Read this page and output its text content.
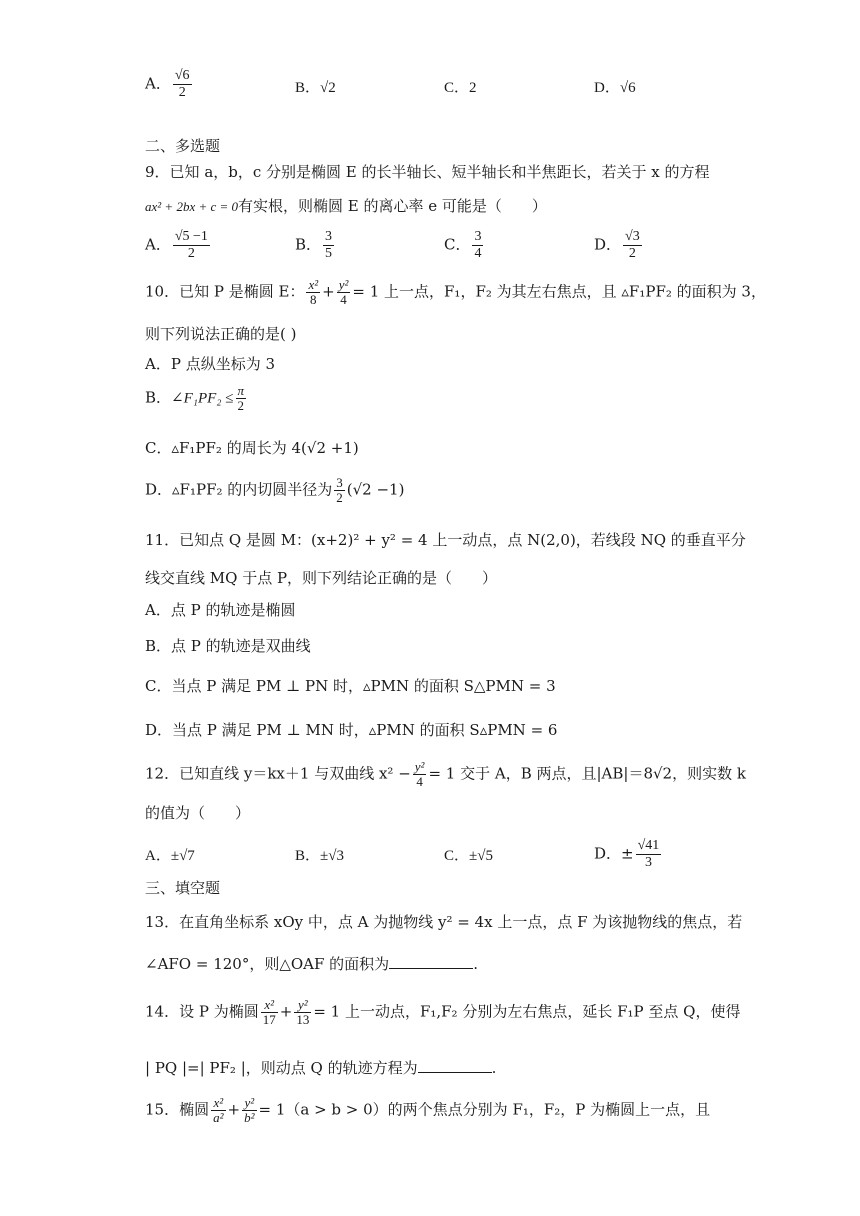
A． $\frac{√6}{2}$	B．√2	C．2	D．√6
二、多选题
9．已知 a，b，c 分别是椭圆 E 的长半轴长、短半轴长和半焦距长，若关于 x 的方程
ax² + 2bx + c = 0有实根，则椭圆 E 的离心率 e 可能是（　　）
A． $\frac{√5 -1}{2}$	B． $\frac{3}{5}$	C． $\frac{3}{4}$	D． $\frac{√3}{2}$
10．已知 P 是椭圆 E： $\frac{\text{x²}}{8} + \frac{\text{y²}}{4} = 1$ 上一点，F₁，F₂ 为其左右焦点，且 ▵F₁PF₂ 的面积为 3，
则下列说法正确的是( )
A．P 点纵坐标为 3
B．∠F₁PF₂ ≤ $\frac{\pi}{2}$
C．▵F₁PF₂ 的周长为 4(√2 +1)
D．▵F₁PF₂ 的内切圆半径为 $\frac{3}{2} (√2 -1)$
11．已知点 Q 是圆 M：(x+2)² + y² = 4 上一动点，点 N(2,0)，若线段 NQ 的垂直平分
线交直线 MQ 于点 P，则下列结论正确的是（　　）
A．点 P 的轨迹是椭圆
B．点 P 的轨迹是双曲线
C．当点 P 满足 PM ⊥ PN 时，▵PMN 的面积 S△PMN = 3
D．当点 P 满足 PM ⊥ MN 时，▵PMN 的面积 S▵PMN = 6
12．已知直线 y＝kx＋1 与双曲线 $x^2 - \frac{\text{y²}}{4} = 1$ 交于 A，B 两点，且|AB|＝8√2，则实数 k
的值为（　　）
A．±√7	B．±√3	C．±√5	D．± $\frac{√41}{3}$
三、填空题
13．在直角坐标系 xOy 中，点 A 为抛物线 y² = 4x 上一点，点 F 为该抛物线的焦点，若
∠AFO = 120°，则△OAF 的面积为	.
14．设 P 为椭圆 $\frac{\text{x²}}{17} + \frac{\text{y²}}{13} = 1$ 上一动点，F₁,F₂ 分别为左右焦点，延长 F₁P 至点 Q，使得
| PQ |=| PF₂ |，则动点 Q 的轨迹方程为	.
15．椭圆 $\frac{\text{x²}}{\text{a²}} + \frac{\text{y²}}{\text{b²}} = 1(a > b > 0)$的两个焦点分别为 F₁，F₂，P 为椭圆上一点，且
